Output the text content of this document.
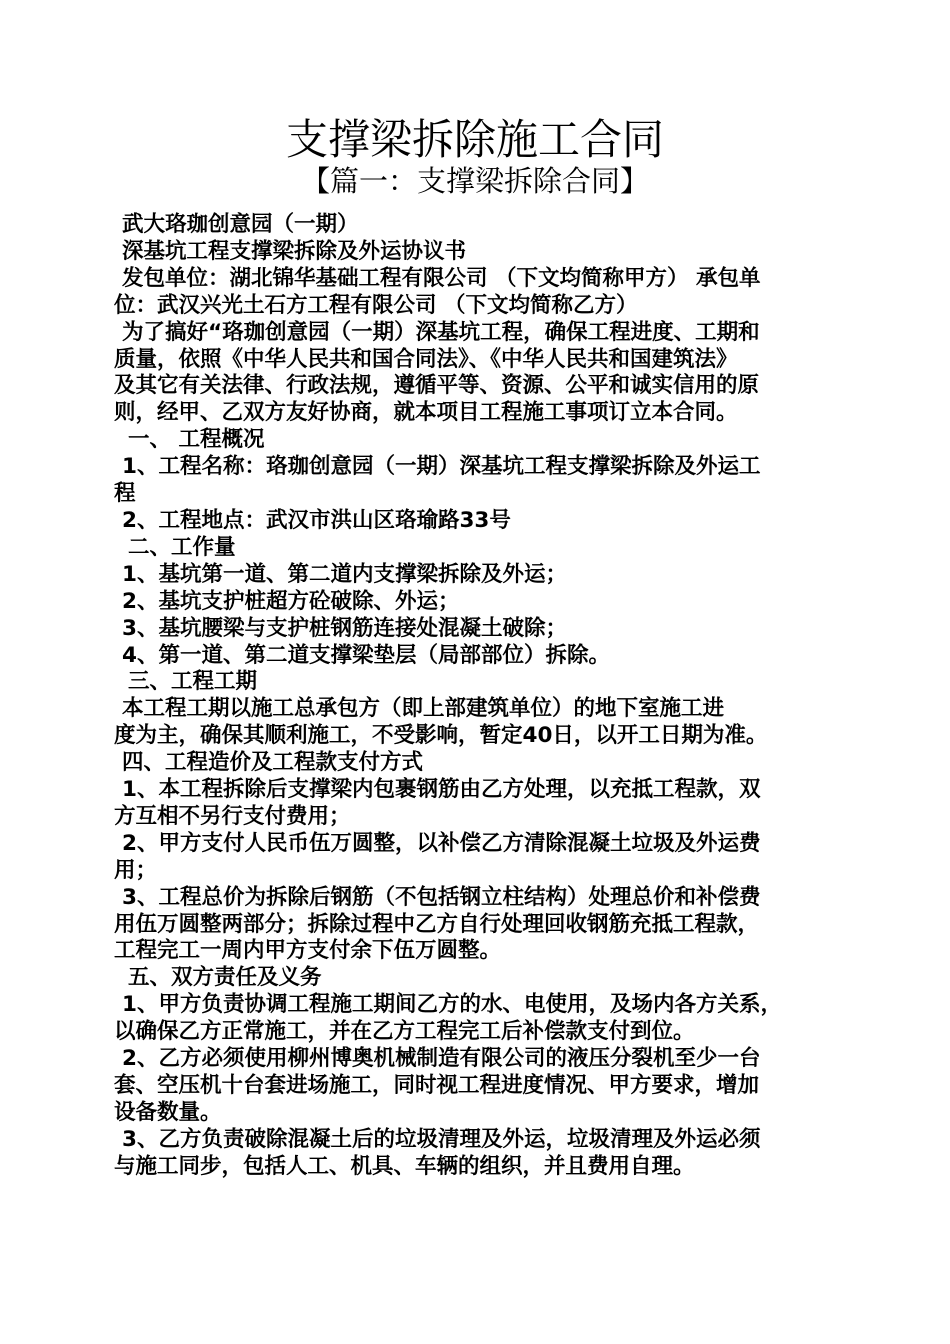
支撑梁拆除施工合同
【篇一：支撑梁拆除合同】

武大珞珈创意园（一期）

深基坑工程支撑梁拆除及外运协议书

发包单位：湖北锦华基础工程有限公司 （下文均简称甲方） 承包单

位：武汉兴光土石方工程有限公司 （下文均简称乙方）

为了搞好“珞珈创意园（一期）深基坑工程，确保工程进度、工期和

质量，依照《中华人民共和国合同法》、《中华人民共和国建筑法》

及其它有关法律、行政法规，遵循平等、资源、公平和诚实信用的原

则，经甲、乙双方友好协商，就本项目工程施工事项订立本合同。

一、 工程概况

1、工程名称：珞珈创意园（一期）深基坑工程支撑梁拆除及外运工

程

2、工程地点：武汉市洪山区珞瑜路33号

二、工作量

1、基坑第一道、第二道内支撑梁拆除及外运；

2、基坑支护桩超方砼破除、外运；

3、基坑腰梁与支护桩钢筋连接处混凝土破除；

4、第一道、第二道支撑梁垫层（局部部位）拆除。

三、工程工期

本工程工期以施工总承包方（即上部建筑单位）的地下室施工进

度为主，确保其顺利施工，不受影响，暂定40日，以开工日期为准。

四、工程造价及工程款支付方式

1、本工程拆除后支撑梁内包裹钢筋由乙方处理，以充抵工程款，双

方互相不另行支付费用；

2、甲方支付人民币伍万圆整，以补偿乙方清除混凝土垃圾及外运费

用；

3、工程总价为拆除后钢筋（不包括钢立柱结构）处理总价和补偿费

用伍万圆整两部分；拆除过程中乙方自行处理回收钢筋充抵工程款，

工程完工一周内甲方支付余下伍万圆整。

五、双方责任及义务

1、甲方负责协调工程施工期间乙方的水、电使用，及场内各方关系，

以确保乙方正常施工，并在乙方工程完工后补偿款支付到位。

2、乙方必须使用柳州博奥机械制造有限公司的液压分裂机至少一台

套、空压机十台套进场施工，同时视工程进度情况、甲方要求，增加

设备数量。

3、乙方负责破除混凝土后的垃圾清理及外运，垃圾清理及外运必须

与施工同步，包括人工、机具、车辆的组织，并且费用自理。
